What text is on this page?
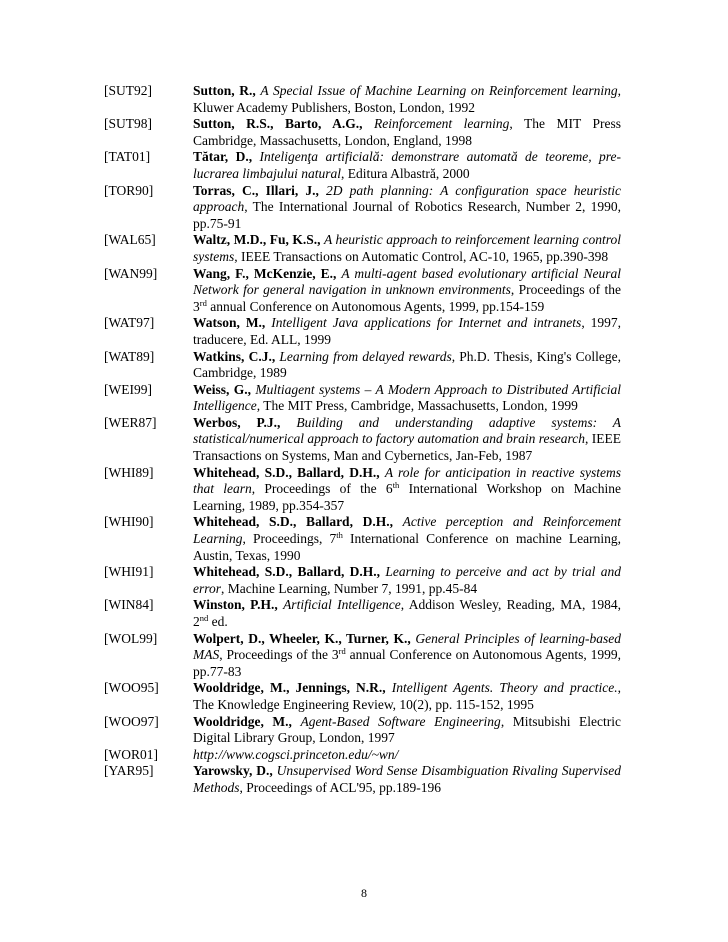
[SUT92]	Sutton, R., A Special Issue of Machine Learning on Reinforcement learning, Kluwer Academy Publishers, Boston, London, 1992
[SUT98]	Sutton, R.S., Barto, A.G., Reinforcement learning, The MIT Press Cambridge, Massachusetts, London, England, 1998
[TAT01]	Tătar, D., Inteligenţa artificială: demonstrare automată de teoreme, pre-lucrarea limbajului natural, Editura Albastră, 2000
[TOR90]	Torras, C., Illari, J., 2D path planning: A configuration space heuristic approach, The International Journal of Robotics Research, Number 2, 1990, pp.75-91
[WAL65]	Waltz, M.D., Fu, K.S., A heuristic approach to reinforcement learning control systems, IEEE Transactions on Automatic Control, AC-10, 1965, pp.390-398
[WAN99]	Wang, F., McKenzie, E., A multi-agent based evolutionary artificial Neural Network for general navigation in unknown environments, Proceedings of the 3rd annual Conference on Autonomous Agents, 1999, pp.154-159
[WAT97]	Watson, M., Intelligent Java applications for Internet and intranets, 1997, traducere, Ed. ALL, 1999
[WAT89]	Watkins, C.J., Learning from delayed rewards, Ph.D. Thesis, King's College, Cambridge, 1989
[WEI99]	Weiss, G., Multiagent systems – A Modern Approach to Distributed Artificial Intelligence, The MIT Press, Cambridge, Massachusetts, London, 1999
[WER87]	Werbos, P.J., Building and understanding adaptive systems: A statistical/numerical approach to factory automation and brain research, IEEE Transactions on Systems, Man and Cybernetics, Jan-Feb, 1987
[WHI89]	Whitehead, S.D., Ballard, D.H., A role for anticipation in reactive systems that learn, Proceedings of the 6th International Workshop on Machine Learning, 1989, pp.354-357
[WHI90]	Whitehead, S.D., Ballard, D.H., Active perception and Reinforcement Learning, Proceedings, 7th International Conference on machine Learning, Austin, Texas, 1990
[WHI91]	Whitehead, S.D., Ballard, D.H., Learning to perceive and act by trial and error, Machine Learning, Number 7, 1991, pp.45-84
[WIN84]	Winston, P.H., Artificial Intelligence, Addison Wesley, Reading, MA, 1984, 2nd ed.
[WOL99]	Wolpert, D., Wheeler, K., Turner, K., General Principles of learning-based MAS, Proceedings of the 3rd annual Conference on Autonomous Agents, 1999, pp.77-83
[WOO95]	Wooldridge, M., Jennings, N.R., Intelligent Agents. Theory and practice., The Knowledge Engineering Review, 10(2), pp. 115-152, 1995
[WOO97]	Wooldridge, M., Agent-Based Software Engineering, Mitsubishi Electric Digital Library Group, London, 1997
[WOR01]	http://www.cogsci.princeton.edu/~wn/
[YAR95]	Yarowsky, D., Unsupervised Word Sense Disambiguation Rivaling Supervised Methods, Proceedings of ACL'95, pp.189-196
8
